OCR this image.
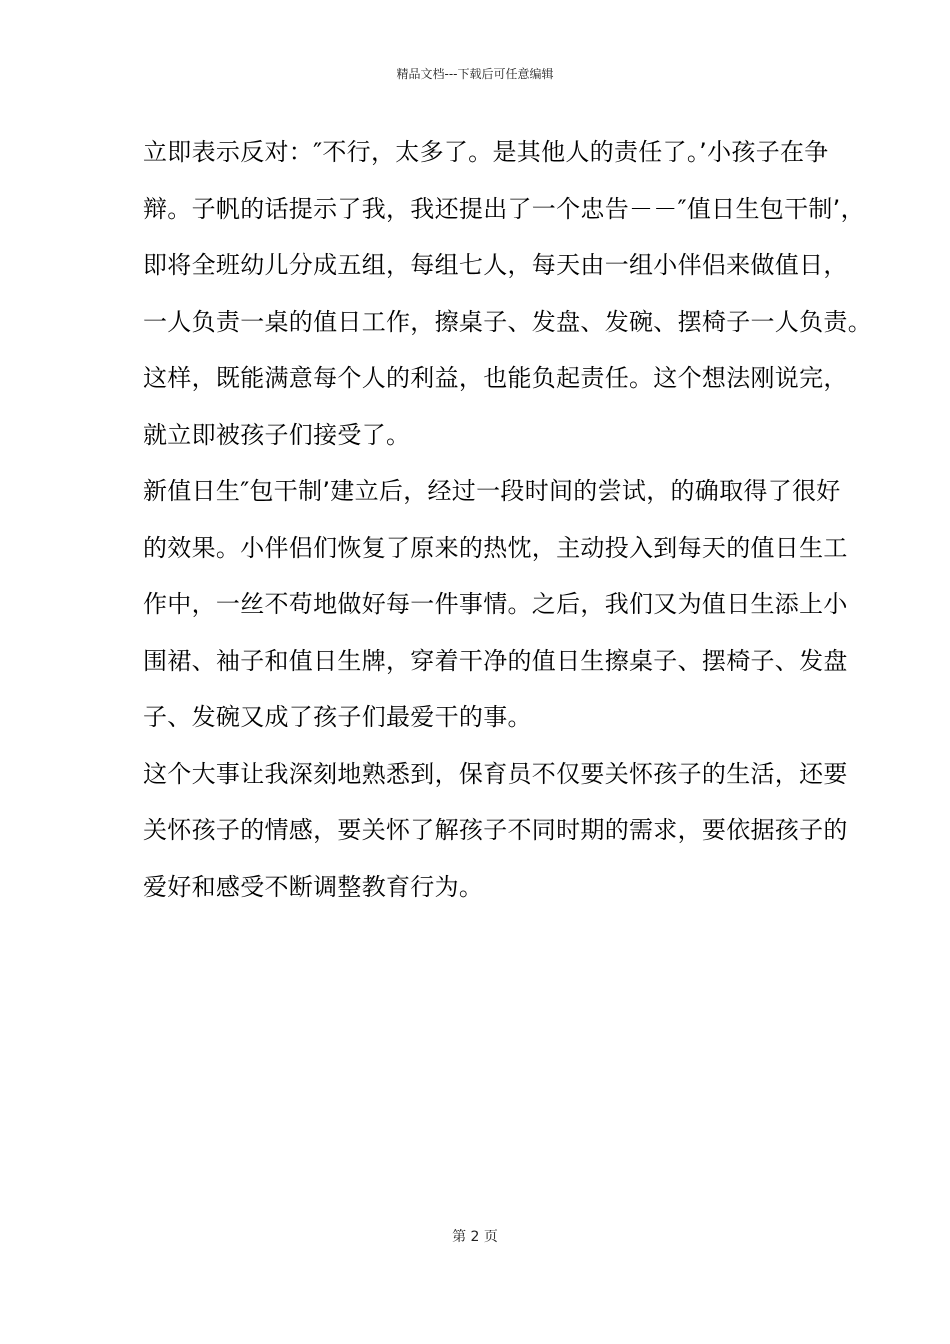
精品文档---下载后可任意编辑
立即表示反对：″不行，太多了。是其他人的责任了。’小孩子在争
辩。子帆的话提示了我，我还提出了一个忠告－－″值日生包干制’，
即将全班幼儿分成五组，每组七人，每天由一组小伴侣来做值日，
一人负责一桌的值日工作，擦桌子、发盘、发碗、摆椅子一人负责。
这样，既能满意每个人的利益，也能负起责任。这个想法刚说完，
就立即被孩子们接受了。
新值日生″包干制’建立后，经过一段时间的尝试，的确取得了很好
的效果。小伴侣们恢复了原来的热忱，主动投入到每天的值日生工
作中，一丝不苟地做好每一件事情。之后，我们又为值日生添上小
围裙、袖子和值日生牌，穿着干净的值日生擦桌子、摆椅子、发盘
子、发碗又成了孩子们最爱干的事。
这个大事让我深刻地熟悉到，保育员不仅要关怀孩子的生活，还要
关怀孩子的情感，要关怀了解孩子不同时期的需求，要依据孩子的
爱好和感受不断调整教育行为。
第 2 页
